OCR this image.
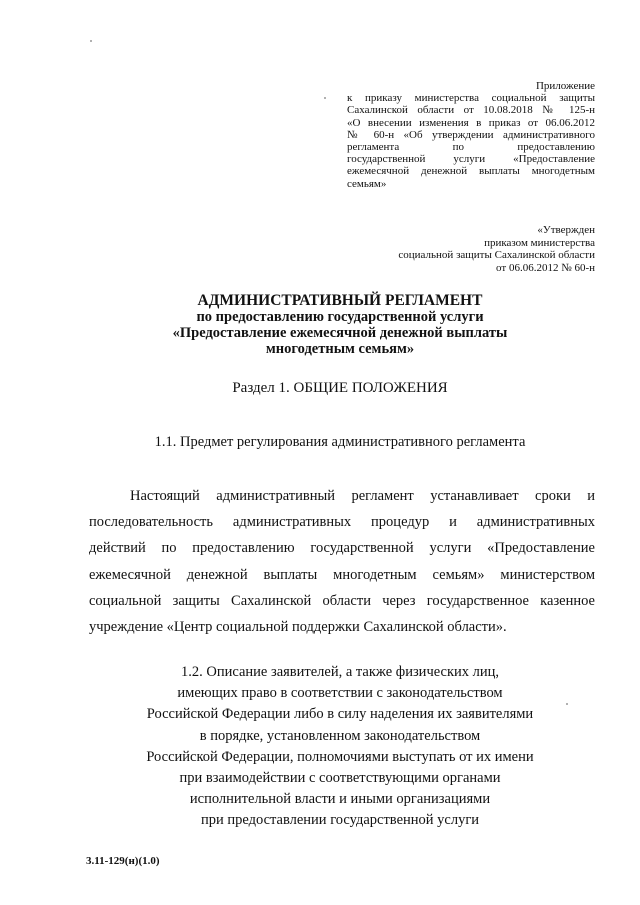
Приложение
к приказу министерства социальной защиты
Сахалинской области от 10.08.2018 № 125-н
«О внесении изменения в приказ от 06.06.2012
№ 60-н «Об утверждении административного
регламента по предоставлению
государственной услуги «Предоставление
ежемесячной денежной выплаты многодетным
семьям»
«Утвержден
приказом министерства
социальной защиты Сахалинской области
от 06.06.2012 № 60-н
АДМИНИСТРАТИВНЫЙ РЕГЛАМЕНТ
по предоставлению государственной услуги
«Предоставление ежемесячной денежной выплаты
многодетным семьям»
Раздел 1. ОБЩИЕ ПОЛОЖЕНИЯ
1.1. Предмет регулирования административного регламента
Настоящий административный регламент устанавливает сроки и
последовательность административных процедур и административных
действий по предоставлению государственной услуги «Предоставление
ежемесячной денежной выплаты многодетным семьям» министерством
социальной защиты Сахалинской области через государственное казенное
учреждение «Центр социальной поддержки Сахалинской области».
1.2. Описание заявителей, а также физических лиц,
имеющих право в соответствии с законодательством
Российской Федерации либо в силу наделения их заявителями
в порядке, установленном законодательством
Российской Федерации, полномочиями выступать от их имени
при взаимодействии с соответствующими органами
исполнительной власти и иными организациями
при предоставлении государственной услуги
3.11-129(н)(1.0)
